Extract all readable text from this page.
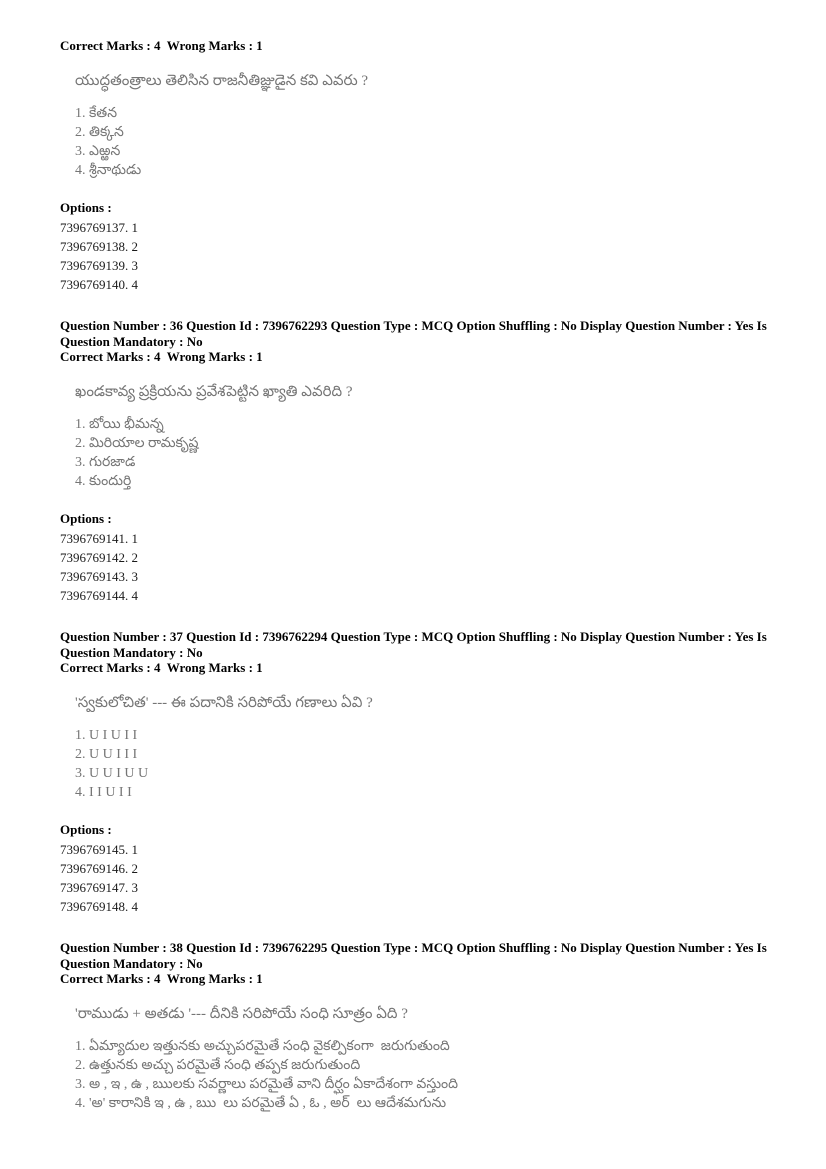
Correct Marks : 4  Wrong Marks : 1
యుద్ధతంత్రాలు తెలిసిన రాజనీతిజ్ఞుడైన కవి ఎవరు ?
1. కేతన
2. తిక్కన
3. ఎఱ్ఱన
4. శ్రీనాథుడు
Options :
7396769137. 1
7396769138. 2
7396769139. 3
7396769140. 4
Question Number : 36 Question Id : 7396762293 Question Type : MCQ Option Shuffling : No Display Question Number : Yes Is
Question Mandatory : No
Correct Marks : 4  Wrong Marks : 1
ఖండకావ్య ప్రక్రియను ప్రవేశపెట్టిన ఖ్యాతి ఎవరిది ?
1. బోయి భీమన్న
2. మిరియాల రామకృష్ణ
3. గురజాడ
4. కుందుర్తి
Options :
7396769141. 1
7396769142. 2
7396769143. 3
7396769144. 4
Question Number : 37 Question Id : 7396762294 Question Type : MCQ Option Shuffling : No Display Question Number : Yes Is
Question Mandatory : No
Correct Marks : 4  Wrong Marks : 1
'స్వకులోచిత' --- ఈ పదానికి సరిపోయే గణాలు ఏవి ?
1. U I U I I
2. U U I I I
3. U U I U U
4. I I U I I
Options :
7396769145. 1
7396769146. 2
7396769147. 3
7396769148. 4
Question Number : 38 Question Id : 7396762295 Question Type : MCQ Option Shuffling : No Display Question Number : Yes Is
Question Mandatory : No
Correct Marks : 4  Wrong Marks : 1
'రాముడు + అతడు '--- దీనికి సరిపోయే సంధి సూత్రం ఏది ?
1. ఏమ్యాదుల ఇత్తునకు అచ్చుపరమైతే సంధి వైకల్పికంగా  జరుగుతుంది
2. ఉత్తునకు అచ్చు పరమైతే సంధి తప్పక జరుగుతుంది
3. అ , ఇ , ఉ , ఋలకు సవర్ణాలు పరమైతే వాని దీర్ఘం ఏకాదేశంగా వస్తుంది
4. 'అ' కారానికి ఇ , ఉ , ఋ  లు పరమైతే ఏ , ఓ , అర్  లు ఆదేశమగును
